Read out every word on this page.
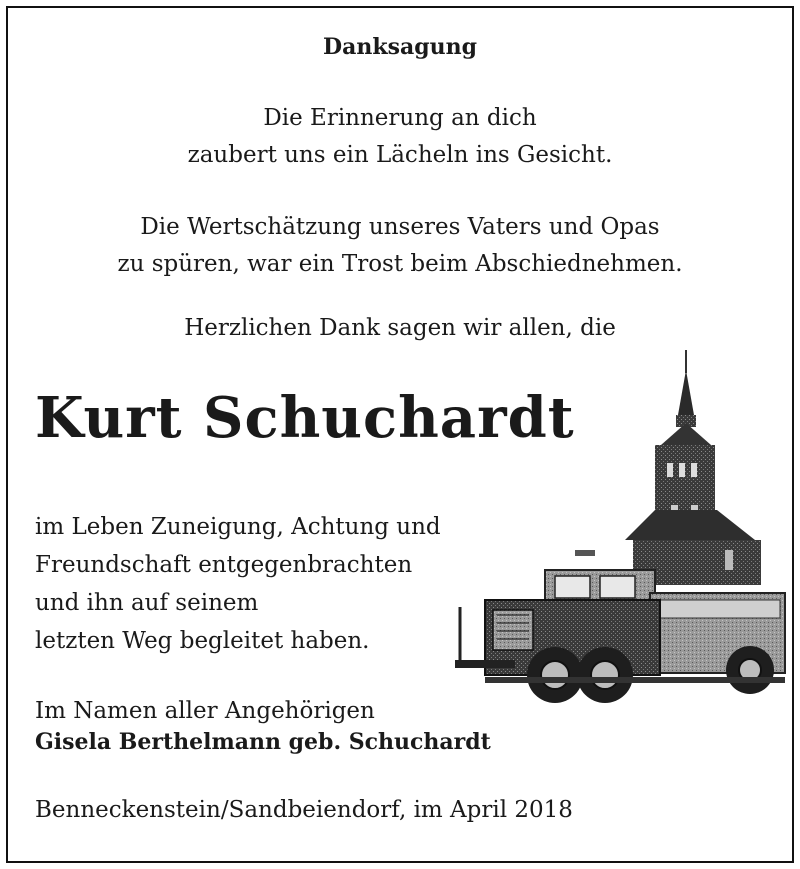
Danksagung
Die Erinnerung an dich
zaubert uns ein Lächeln ins Gesicht.
Die Wertschätzung unseres Vaters und Opas
zu spüren, war ein Trost beim Abschiednehmen.
Herzlichen Dank sagen wir allen, die
Kurt Schuchardt
im Leben Zuneigung, Achtung und
Freundschaft entgegenbrachten
und ihn auf seinem
letzten Weg begleitet haben.
Im Namen aller Angehörigen
Gisela Berthelmann geb. Schuchardt
Benneckenstein/Sandbeiendorf, im April 2018
